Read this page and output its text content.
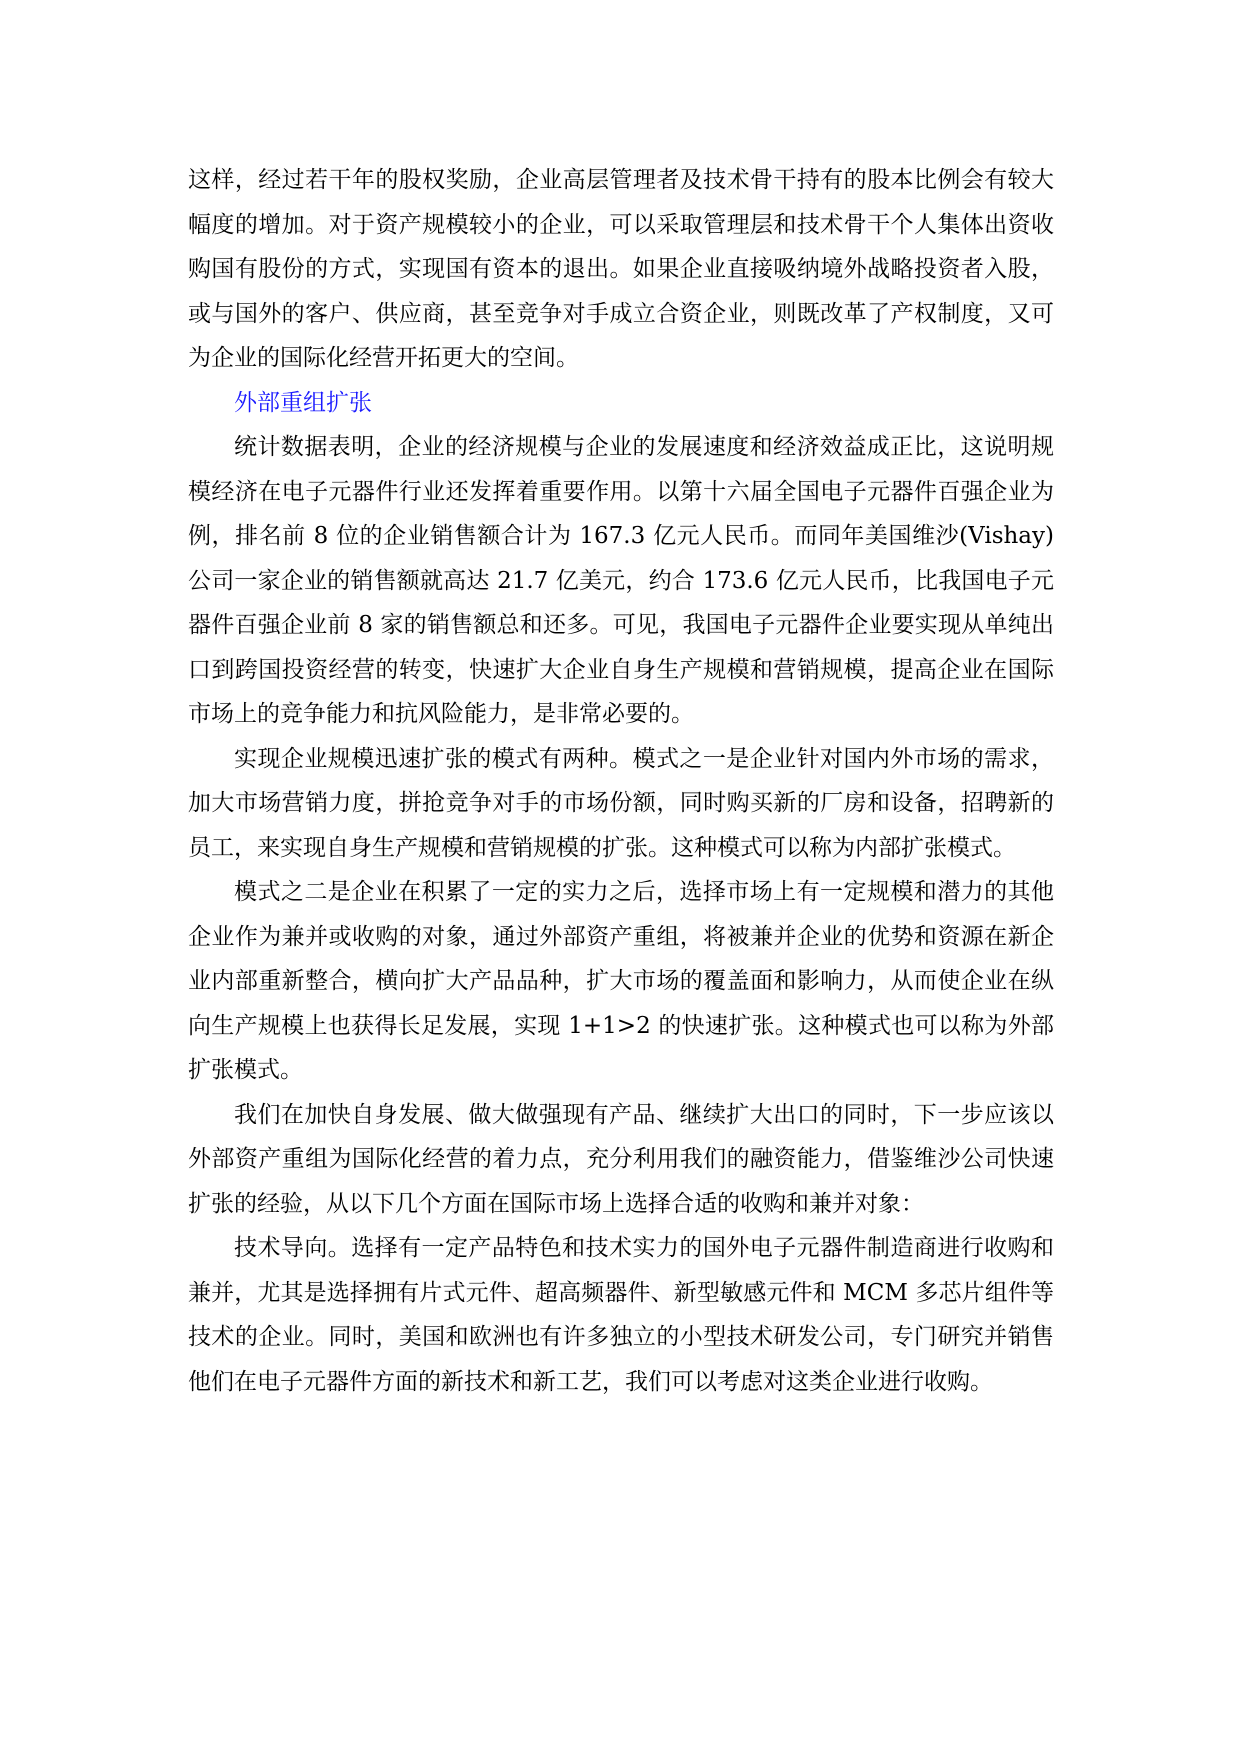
这样，经过若干年的股权奖励，企业高层管理者及技术骨干持有的股本比例会有较大幅度的增加。对于资产规模较小的企业，可以采取管理层和技术骨干个人集体出资收购国有股份的方式，实现国有资本的退出。如果企业直接吸纳境外战略投资者入股，或与国外的客户、供应商，甚至竞争对手成立合资企业，则既改革了产权制度，又可为企业的国际化经营开拓更大的空间。

外部重组扩张

统计数据表明，企业的经济规模与企业的发展速度和经济效益成正比，这说明规模经济在电子元器件行业还发挥着重要作用。以第十六届全国电子元器件百强企业为例，排名前 8 位的企业销售额合计为 167.3 亿元人民币。而同年美国维沙(Vishay)公司一家企业的销售额就高达 21.7 亿美元，约合 173.6 亿元人民币，比我国电子元器件百强企业前 8 家的销售额总和还多。可见，我国电子元器件企业要实现从单纯出口到跨国投资经营的转变，快速扩大企业自身生产规模和营销规模，提高企业在国际市场上的竞争能力和抗风险能力，是非常必要的。

实现企业规模迅速扩张的模式有两种。模式之一是企业针对国内外市场的需求，加大市场营销力度，拼抢竞争对手的市场份额，同时购买新的厂房和设备，招聘新的员工，来实现自身生产规模和营销规模的扩张。这种模式可以称为内部扩张模式。

模式之二是企业在积累了一定的实力之后，选择市场上有一定规模和潜力的其他企业作为兼并或收购的对象，通过外部资产重组，将被兼并企业的优势和资源在新企业内部重新整合，横向扩大产品品种，扩大市场的覆盖面和影响力，从而使企业在纵向生产规模上也获得长足发展，实现 1+1>2 的快速扩张。这种模式也可以称为外部扩张模式。

我们在加快自身发展、做大做强现有产品、继续扩大出口的同时，下一步应该以外部资产重组为国际化经营的着力点，充分利用我们的融资能力，借鉴维沙公司快速扩张的经验，从以下几个方面在国际市场上选择合适的收购和兼并对象：

技术导向。选择有一定产品特色和技术实力的国外电子元器件制造商进行收购和兼并，尤其是选择拥有片式元件、超高频器件、新型敏感元件和 MCM 多芯片组件等技术的企业。同时，美国和欧洲也有许多独立的小型技术研发公司，专门研究并销售他们在电子元器件方面的新技术和新工艺，我们可以考虑对这类企业进行收购。
